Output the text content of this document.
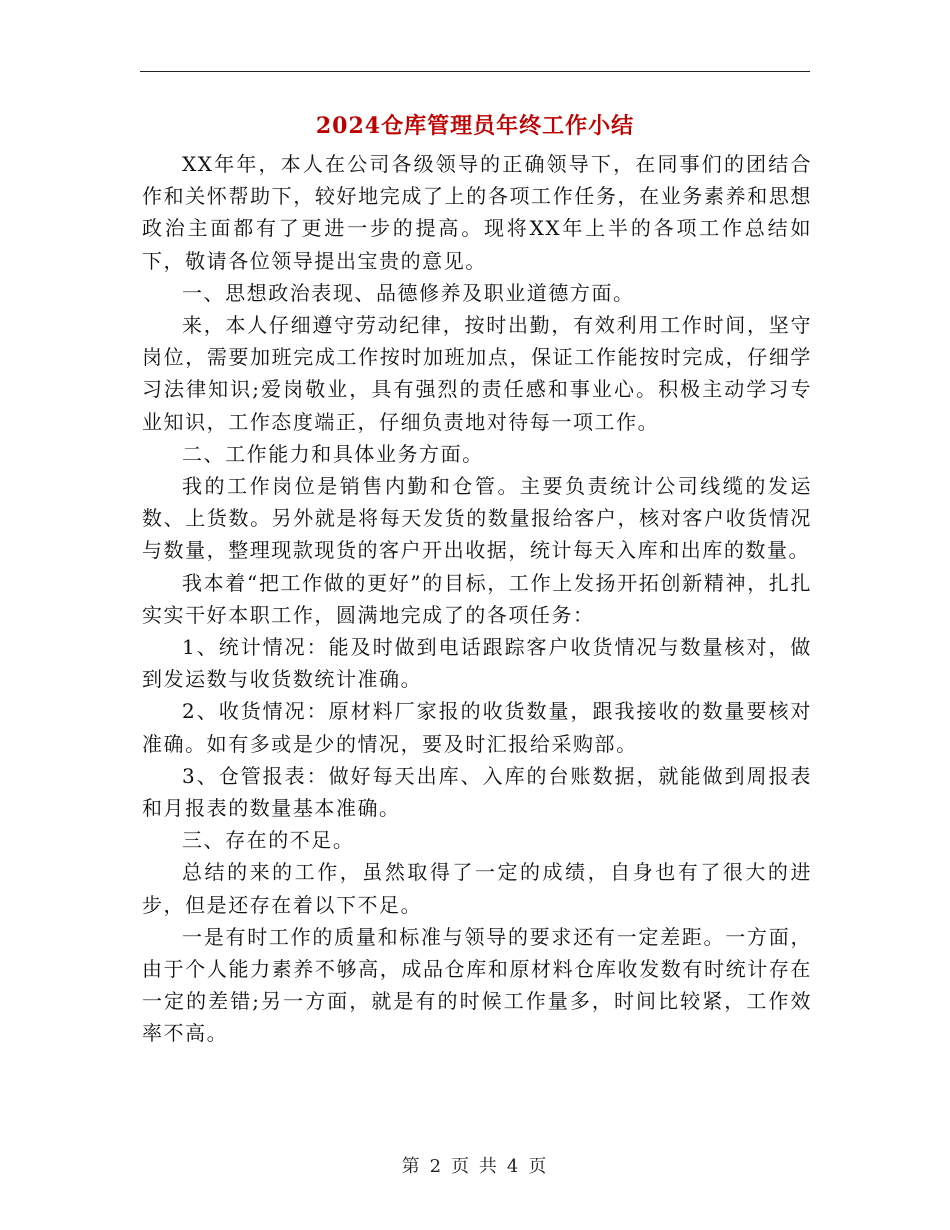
2024仓库管理员年终工作小结

XX年年，本人在公司各级领导的正确领导下，在同事们的团结合作和关怀帮助下，较好地完成了上的各项工作任务，在业务素养和思想政治主面都有了更进一步的提高。现将XX年上半的各项工作总结如下，敬请各位领导提出宝贵的意见。

一、思想政治表现、品德修养及职业道德方面。

来，本人仔细遵守劳动纪律，按时出勤，有效利用工作时间，坚守岗位，需要加班完成工作按时加班加点，保证工作能按时完成，仔细学习法律知识;爱岗敬业，具有强烈的责任感和事业心。积极主动学习专业知识，工作态度端正，仔细负责地对待每一项工作。

二、工作能力和具体业务方面。

我的工作岗位是销售内勤和仓管。主要负责统计公司线缆的发运数、上货数。另外就是将每天发货的数量报给客户，核对客户收货情况与数量，整理现款现货的客户开出收据，统计每天入库和出库的数量。

我本着“把工作做的更好”的目标，工作上发扬开拓创新精神，扎扎实实干好本职工作，圆满地完成了的各项任务：

1、统计情况：能及时做到电话跟踪客户收货情况与数量核对，做到发运数与收货数统计准确。

2、收货情况：原材料厂家报的收货数量，跟我接收的数量要核对准确。如有多或是少的情况，要及时汇报给采购部。

3、仓管报表：做好每天出库、入库的台账数据，就能做到周报表和月报表的数量基本准确。

三、存在的不足。

总结的来的工作，虽然取得了一定的成绩，自身也有了很大的进步，但是还存在着以下不足。

一是有时工作的质量和标准与领导的要求还有一定差距。一方面，由于个人能力素养不够高，成品仓库和原材料仓库收发数有时统计存在一定的差错;另一方面，就是有的时候工作量多，时间比较紧，工作效率不高。

第 2 页 共 4 页
